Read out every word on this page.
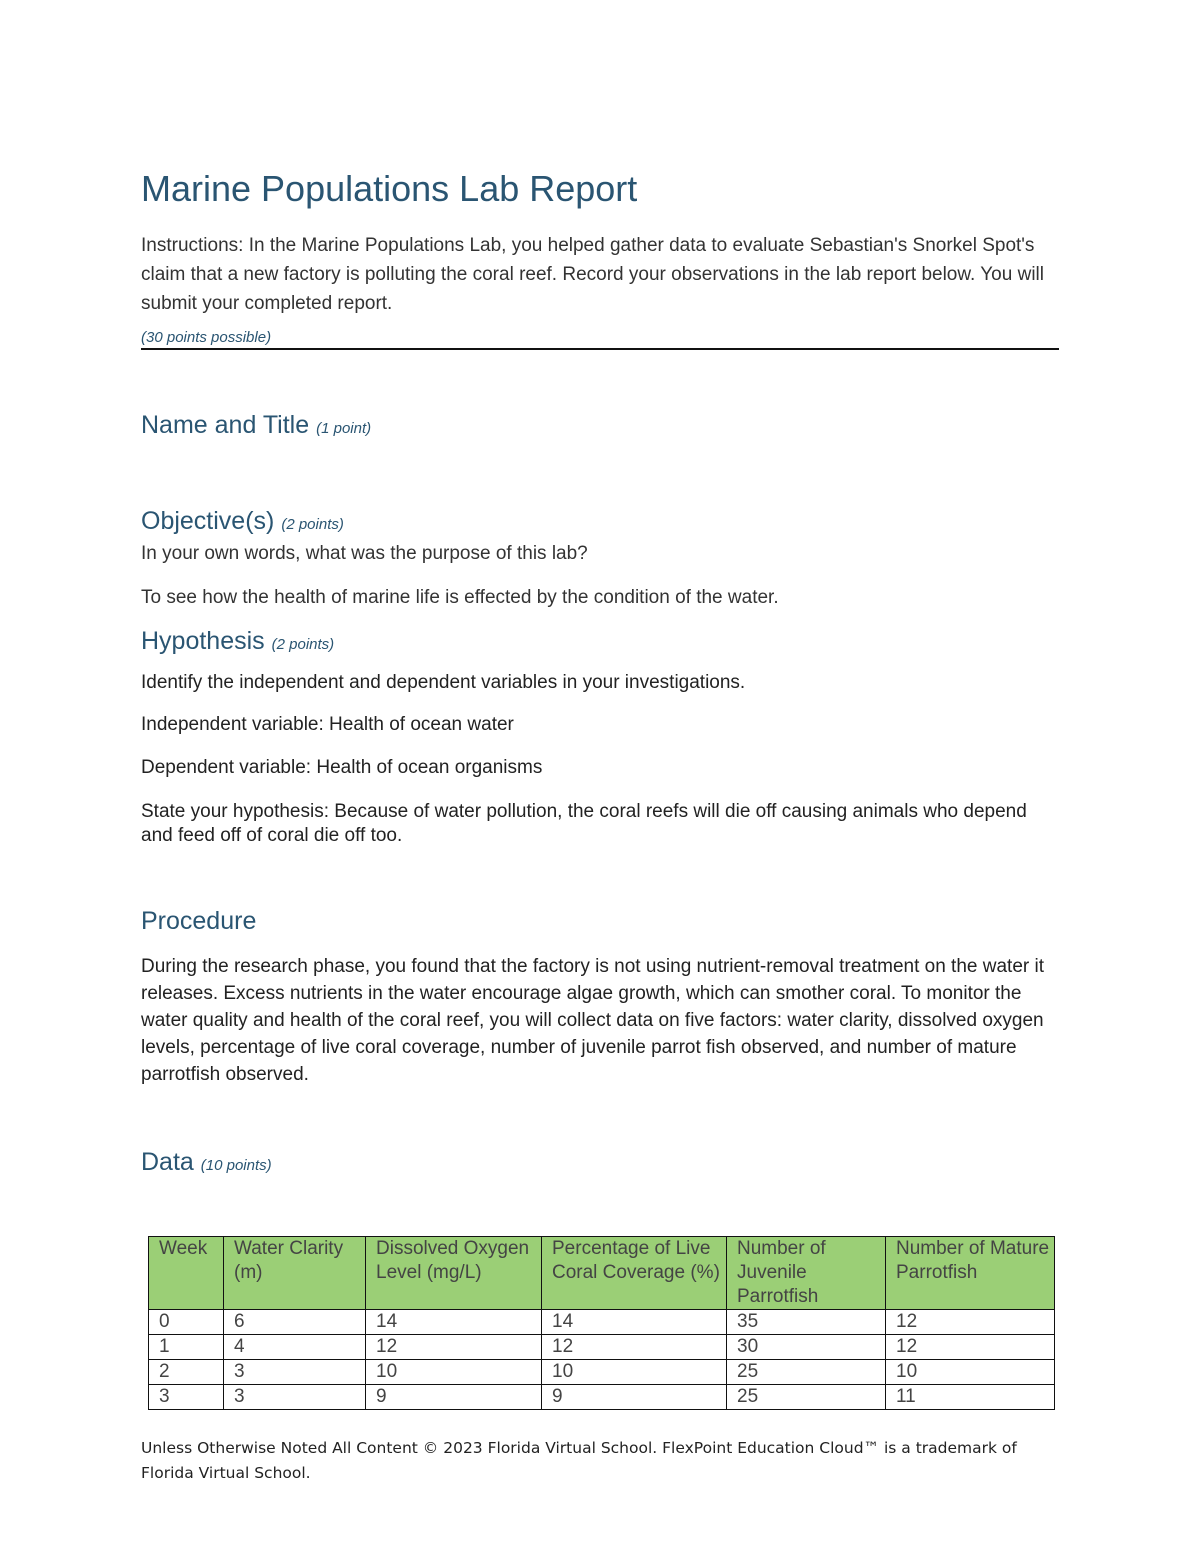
Marine Populations Lab Report
Instructions: In the Marine Populations Lab, you helped gather data to evaluate Sebastian's Snorkel Spot's claim that a new factory is polluting the coral reef. Record your observations in the lab report below. You will submit your completed report.
(30 points possible)
Name and Title (1 point)
Objective(s) (2 points)
In your own words, what was the purpose of this lab?
To see how the health of marine life is effected by the condition of the water.
Hypothesis (2 points)
Identify the independent and dependent variables in your investigations.
Independent variable: Health of ocean water
Dependent variable: Health of ocean organisms
State your hypothesis: Because of water pollution, the coral reefs will die off causing animals who depend and feed off of coral die off too.
Procedure
During the research phase, you found that the factory is not using nutrient-removal treatment on the water it releases. Excess nutrients in the water encourage algae growth, which can smother coral. To monitor the water quality and health of the coral reef, you will collect data on five factors: water clarity, dissolved oxygen levels, percentage of live coral coverage, number of juvenile parrot fish observed, and number of mature parrotfish observed.
Data (10 points)
Week	Water Clarity (m)	Dissolved Oxygen Level (mg/L)	Percentage of Live Coral Coverage (%)	Number of Juvenile Parrotfish	Number of Mature Parrotfish
0	6	14	14	35	12
1	4	12	12	30	12
2	3	10	10	25	10
3	3	9	9	25	11
Unless Otherwise Noted All Content © 2023 Florida Virtual School. FlexPoint Education Cloud™ is a trademark of Florida Virtual School.
